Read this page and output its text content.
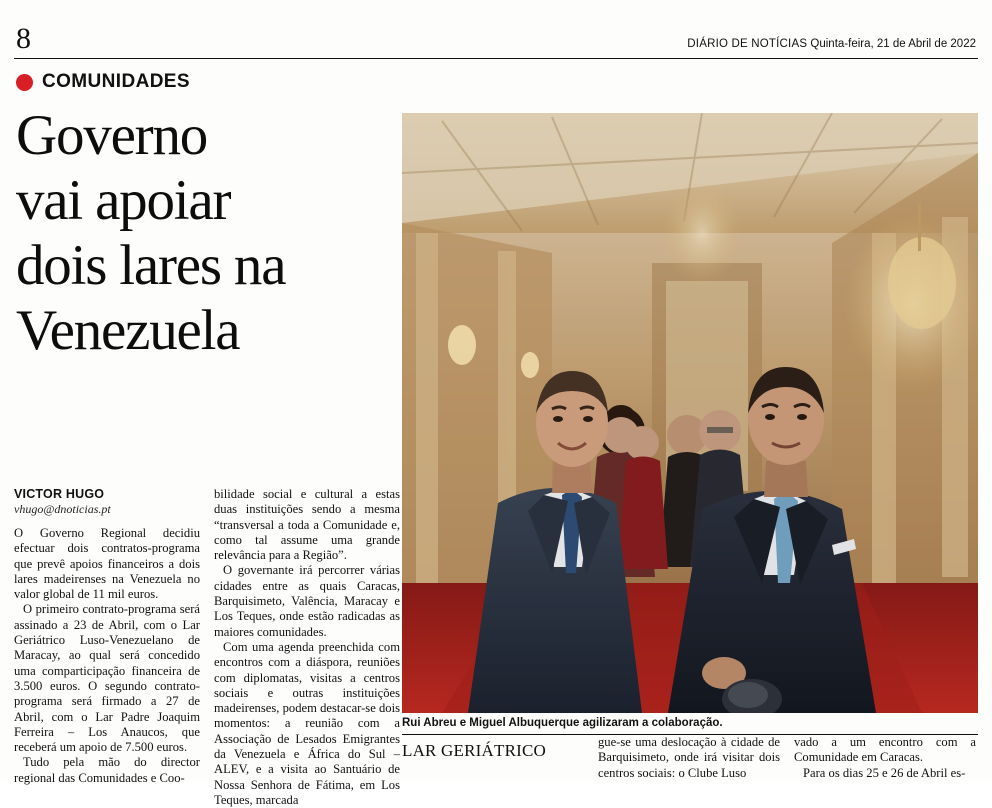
8	DIÁRIO DE NOTÍCIAS Quinta-feira, 21 de Abril de 2022
COMUNIDADES
Governo
vai apoiar
dois lares na
Venezuela
VICTOR HUGO
vhugo@dnoticias.pt

O Governo Regional decidiu efectuar dois contratos-programa que prevê apoios financeiros a dois lares madeirenses na Venezuela no valor global de 11 mil euros.

O primeiro contrato-programa será assinado a 23 de Abril, com o Lar Geriátrico Luso-Venezuelano de Maracay, ao qual será concedido uma comparticipação financeira de 3.500 euros. O segundo contrato-programa será firmado a 27 de Abril, com o Lar Padre Joaquim Ferreira – Los Anaucos, que receberá um apoio de 7.500 euros.

Tudo pela mão do director regional das Comunidades e Coo-

bilidade social e cultural a estas duas instituições sendo a mesma “transversal a toda a Comunidade e, como tal assume uma grande relevância para a Região”.

O governante irá percorrer várias cidades entre as quais Caracas, Barquisimeto, Valência, Maracay e Los Teques, onde estão radicadas as maiores comunidades.

Com uma agenda preenchida com encontros com a diáspora, reuniões com diplomatas, visitas a centros sociais e outras instituições madeirenses, podem destacar-se dois momentos: a reunião com a Associação de Lesados Emigrantes da Venezuela e África do Sul – ALEV, e a visita ao Santuário de Nossa Senhora de Fátima, em Los Teques, marcada

Rui Abreu e Miguel Albuquerque agilizaram a colaboração.
LAR GERIÁTRICO	gue-se uma deslocação à cidade de Barquisimeto, onde irá visitar dois centros sociais: o Clube Luso

vado a um encontro com a Comunidade em Caracas.

Para os dias 25 e 26 de Abril es-
